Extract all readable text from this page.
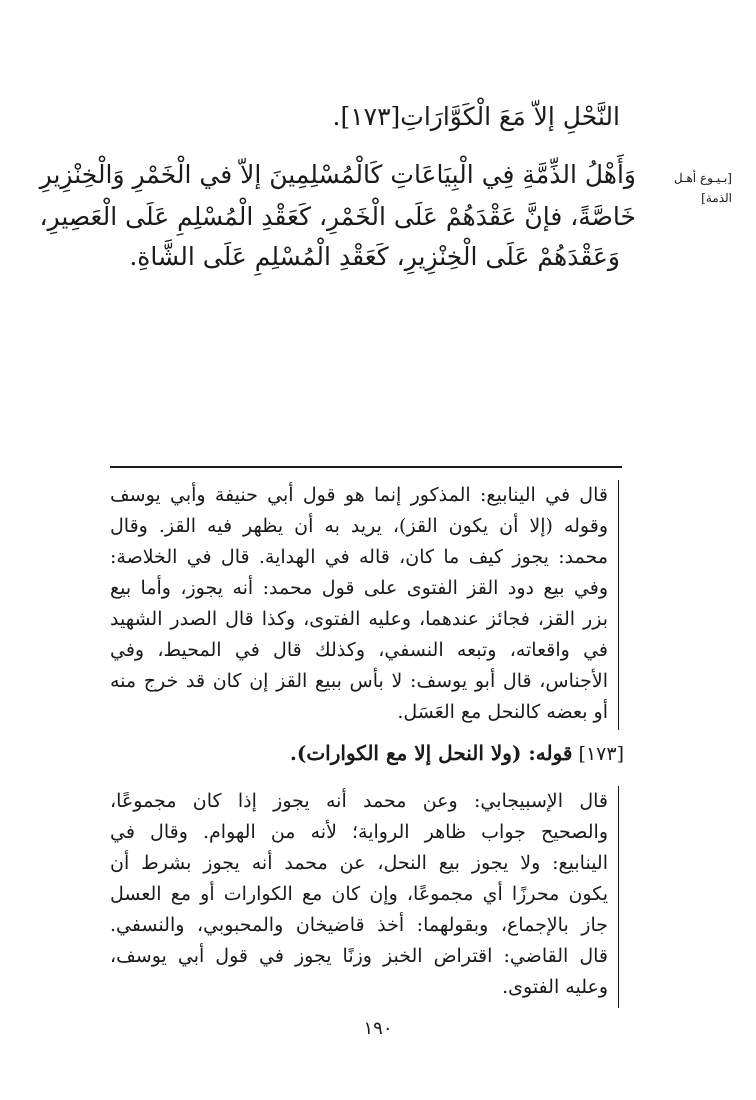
النَّحْلِ إلاّ مَعَ الْكَوَّارَاتِ[١٧٣].
وَأَهْلُ الذِّمَّةِ فِي الْبِيَاعَاتِ كَالْمُسْلِمِينَ إلاّ في الْخَمْرِ وَالْخِنْزِيرِ
خَاصَّةً، فإنَّ عَقْدَهُمْ عَلَى الْخَمْرِ، كَعَقْدِ الْمُسْلِمِ عَلَى الْعَصِيرِ،
وَعَقْدَهُمْ عَلَى الْخِنْزِيرِ، كَعَقْدِ الْمُسْلِمِ عَلَى الشَّاةِ.
[بـيـوع أهـل
الذمة]
قال في الينابيع: المذكور إنما هو قول أبي حنيفة وأبي يوسف
وقوله (إلا أن يكون القز)، يريد به أن يظهر فيه القز. وقال
محمد: يجوز كيف ما كان، قاله في الهداية. قال في الخلاصة:
وفي بيع دود القز الفتوى على قول محمد: أنه يجوز، وأما بيع
بزر القز، فجائز عندهما، وعليه الفتوى، وكذا قال الصدر الشهيد
في واقعاته، وتبعه النسفي، وكذلك قال في المحيط، وفي
الأجناس، قال أبو يوسف: لا بأس ببيع القز إن كان قد خرج منه
أو بعضه كالنحل مع العَسَل.
[١٧٣] قوله: (ولا النحل إلا مع الكوارات).
قال الإسبيجابي: وعن محمد أنه يجوز إذا كان مجموعًا،
والصحيح جواب ظاهر الرواية؛ لأنه من الهوام. وقال في
الينابيع: ولا يجوز بيع النحل، عن محمد أنه يجوز بشرط أن
يكون محرزًا أي مجموعًا، وإن كان مع الكوارات أو مع العسل
جاز بالإجماع، وبقولهما: أخذ قاضيخان والمحبوبي، والنسفي.
قال القاضي: اقتراض الخبز وزنًا يجوز في قول أبي يوسف،
وعليه الفتوى.
١٩٠
